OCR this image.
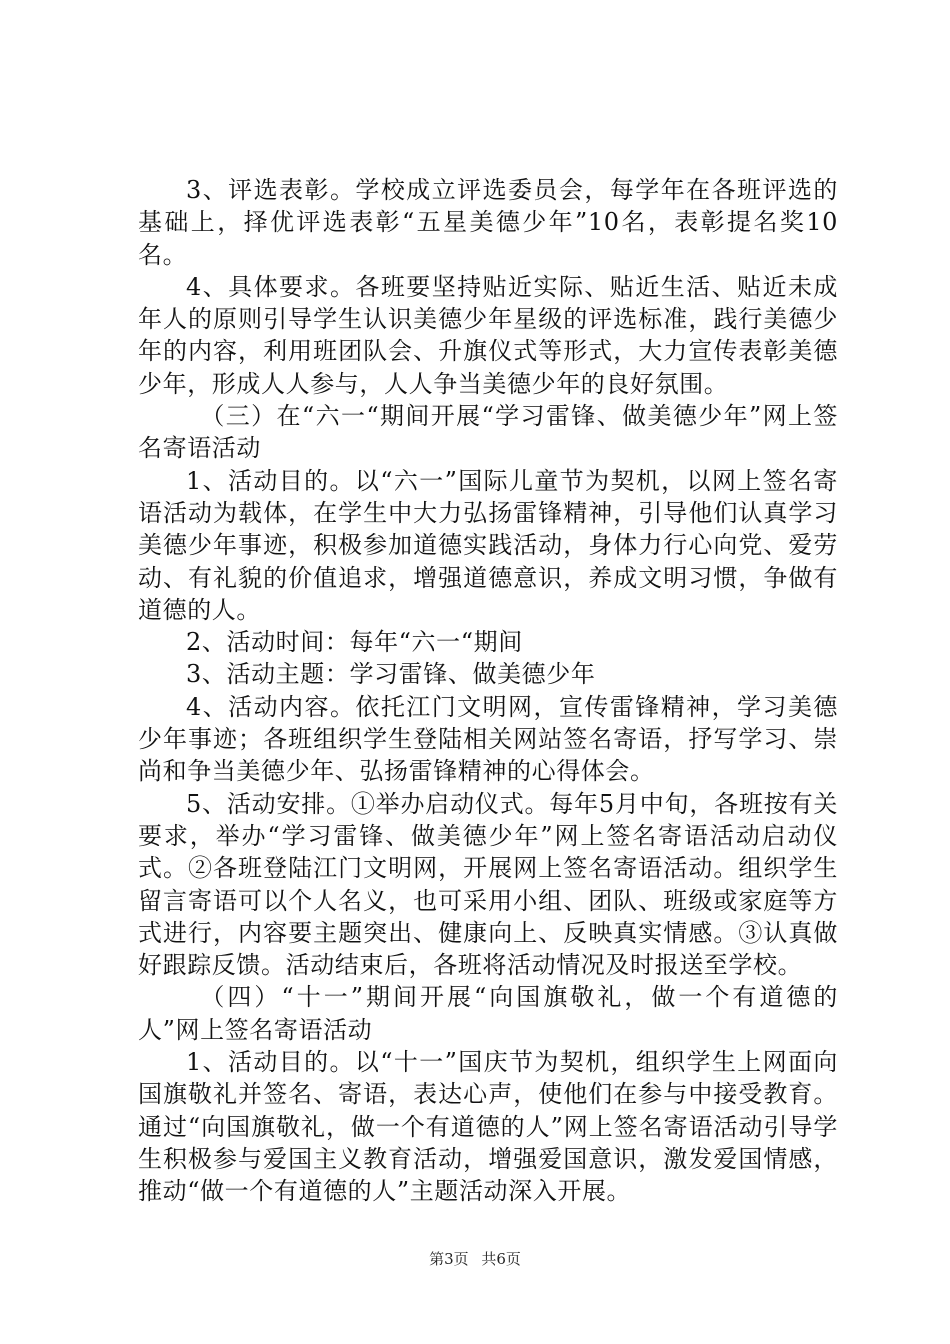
3、评选表彰。学校成立评选委员会，每学年在各班评选的基础上，择优评选表彰“五星美德少年”10名，表彰提名奖10名。

4、具体要求。各班要坚持贴近实际、贴近生活、贴近未成年人的原则引导学生认识美德少年星级的评选标准，践行美德少年的内容，利用班团队会、升旗仪式等形式，大力宣传表彰美德少年，形成人人参与，人人争当美德少年的良好氛围。

（三）在“六一“期间开展“学习雷锋、做美德少年”网上签名寄语活动

1、活动目的。以“六一”国际儿童节为契机，以网上签名寄语活动为载体，在学生中大力弘扬雷锋精神，引导他们认真学习美德少年事迹，积极参加道德实践活动，身体力行心向党、爱劳动、有礼貌的价值追求，增强道德意识，养成文明习惯，争做有道德的人。

2、活动时间：每年“六一“期间

3、活动主题：学习雷锋、做美德少年

4、活动内容。依托江门文明网，宣传雷锋精神，学习美德少年事迹；各班组织学生登陆相关网站签名寄语，抒写学习、崇尚和争当美德少年、弘扬雷锋精神的心得体会。

5、活动安排。①举办启动仪式。每年5月中旬，各班按有关要求，举办“学习雷锋、做美德少年”网上签名寄语活动启动仪式。②各班登陆江门文明网，开展网上签名寄语活动。组织学生留言寄语可以个人名义，也可采用小组、团队、班级或家庭等方式进行，内容要主题突出、健康向上、反映真实情感。③认真做好跟踪反馈。活动结束后，各班将活动情况及时报送至学校。

（四）“十一”期间开展“向国旗敬礼，做一个有道德的人”网上签名寄语活动

1、活动目的。以“十一”国庆节为契机，组织学生上网面向国旗敬礼并签名、寄语，表达心声，使他们在参与中接受教育。通过“向国旗敬礼，做一个有道德的人”网上签名寄语活动引导学生积极参与爱国主义教育活动，增强爱国意识，激发爱国情感，推动“做一个有道德的人”主题活动深入开展。

第3页 共6页
